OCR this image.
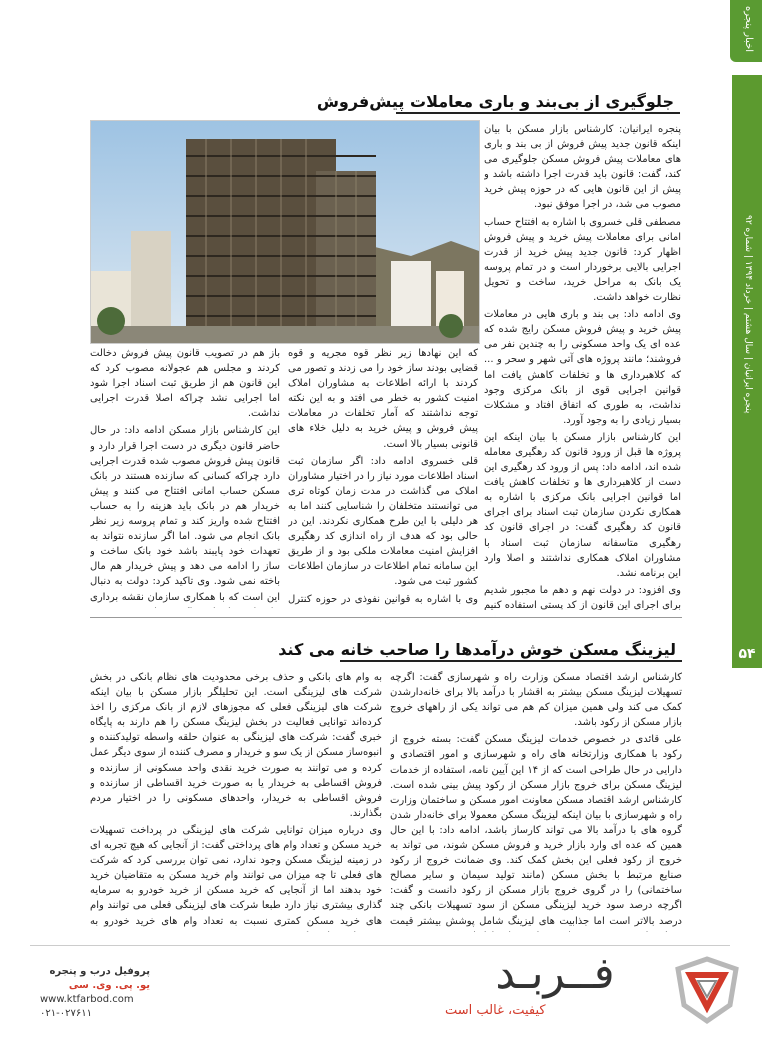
اخبار پنجره
پنجره ایرانیان | سال هشتم | خرداد ۱۳۹۴ | شماره ۹۲
۵۴
جلوگیری از بی‌بند و باری معاملات پیش‌فروش

پنجره ایرانیان: کارشناس بازار مسکن با بیان اینکه قانون جدید پیش فروش از بی بند و باری های معاملات پیش فروش مسکن جلوگیری می کند، گفت: قانون باید قدرت اجرا داشته باشد و پیش از این قانون هایی که در حوزه پیش خرید مصوب می شد، در اجرا موفق نبود.

مصطفی قلی خسروی با اشاره به افتتاح حساب امانی برای معاملات پیش خرید و پیش فروش اظهار کرد: قانون جدید پیش خرید از قدرت اجرایی بالایی برخوردار است و در تمام پروسه یک بانک به مراحل خرید، ساخت و تحویل نظارت خواهد داشت.

وی ادامه داد: بی بند و باری هایی در معاملات پیش خرید و پیش فروش مسکن رایج شده که عده ای یک واحد مسکونی را به چندین نفر می فروشند؛ مانند پروژه های آتی شهر و سحر و ... که کلاهبرداری ها و تخلفات کاهش یافت اما قوانین اجرایی قوی از بانک مرکزی وجود نداشت، به طوری که اتفاق افتاد و مشکلات بسیار زیادی را به وجود آورد.

این کارشناس بازار مسکن با بیان اینکه این پروژه ها قبل از ورود قانون کد رهگیری معامله شده اند، ادامه داد: پس از ورود کد رهگیری این دست از کلاهبرداری ها و تخلفات کاهش یافت اما قوانین اجرایی بانک مرکزی با اشاره به همکاری نکردن سازمان ثبت اسناد برای اجرای قانون کد رهگیری گفت: در اجرای قانون کد رهگیری متاسفانه سازمان ثبت اسناد با مشاوران املاک همکاری نداشتند و اصلا وارد این برنامه نشد.

وی افزود: در دولت نهم و دهم ما مجبور شدیم برای اجرای این قانون از کد پستی استفاده کنیم

که این نهادها زیر نظر قوه مجریه و قوه قضایی بودند ساز خود را می زدند و تصور می کردند با ارائه اطلاعات به مشاوران املاک امنیت کشور به خطر می افتد و به این نکته توجه نداشتند که آمار تخلفات در معاملات پیش فروش و پیش خرید به دلیل خلاء های قانونی بسیار بالا است.

قلی خسروی ادامه داد: اگر سازمان ثبت اسناد اطلاعات مورد نیاز را در اختیار مشاوران املاک می گذاشت در مدت زمان کوتاه تری می توانستند متخلفان را شناسایی کنند اما به هر دلیلی با این طرح همکاری نکردند. این در حالی بود که هدف از راه اندازی کد رهگیری افزایش امنیت معاملات ملکی بود و از طریق این سامانه تمام اطلاعات در سازمان اطلاعات کشور ثبت می شود.

وی با اشاره به قوانین نفوذی در حوزه کنترل

باز هم در تصویب قانون پیش فروش دخالت کردند و مجلس هم عجولانه مصوب کرد که این قانون هم از طریق ثبت اسناد اجرا شود اما اجرایی نشد چراکه اصلا قدرت اجرایی نداشت.

این کارشناس بازار مسکن ادامه داد: در حال حاضر قانون دیگری در دست اجرا قرار دارد و قانون پیش فروش مصوب شده قدرت اجرایی دارد چراکه کسانی که سازنده هستند در بانک مسکن حساب امانی افتتاح می کنند و پیش خریدار هم در بانک باید هزینه را به حساب افتتاح شده واریز کند و تمام پروسه زیر نظر بانک انجام می شود. اما اگر سازنده نتواند به تعهدات خود پایبند باشد خود بانک ساخت و ساز را ادامه می دهد و پیش خریدار هم مال باخته نمی شود. وی تاکید کرد: دولت به دنبال این است که با همکاری سازمان نقشه برداری

لیزینگ مسکن خوش درآمدها را صاحب خانه می کند

کارشناس ارشد اقتصاد مسکن وزارت راه و شهرسازی گفت: اگرچه تسهیلات لیزینگ مسکن بیشتر به اقشار با درآمد بالا برای خانه‌دارشدن کمک می کند ولی همین میزان کم هم می تواند یکی از راههای خروج بازار مسکن از رکود باشد.

علی قائدی در خصوص خدمات لیزینگ مسکن گفت: بسته خروج از رکود با همکاری وزارتخانه های راه و شهرسازی و امور اقتصادی و دارایی در حال طراحی است که از ۱۴ این آیین نامه، استفاده از خدمات لیزینگ مسکن برای خروج بازار مسکن از رکود پیش بینی شده است. کارشناس ارشد اقتصاد مسکن معاونت امور مسکن و ساختمان وزارت راه و شهرسازی با بیان اینکه لیزینگ مسکن معمولا برای خانه‌دار شدن گروه های با درآمد بالا می تواند کارساز باشد، ادامه داد: با این حال همین که عده ای وارد بازار خرید و فروش مسکن شوند، می تواند به خروج از رکود فعلی این بخش کمک کند. وی ضمانت خروج از رکود صنایع مرتبط با بخش مسکن (مانند تولید سیمان و سایر مصالح ساختمانی) را در گروی خروج بازار مسکن از رکود دانست و گفت: اگرچه درصد سود خرید لیزینگی مسکن از سود تسهیلات بانکی چند درصد بالاتر است اما جذابیت های لیزینگ شامل پوشش بیشتر قیمت

به وام های بانکی و حذف برخی محدودیت های نظام بانکی در بخش شرکت های لیزینگی است. این تحلیلگر بازار مسکن با بیان اینکه شرکت های لیزینگی فعلی که مجوزهای لازم از بانک مرکزی را اخذ کرده‌اند توانایی فعالیت در بخش لیزینگ مسکن را هم دارند به پایگاه خبری گفت: شرکت های لیزینگی به عنوان حلقه واسطه تولیدکننده و انبوه‌ساز مسکن از یک سو و خریدار و مصرف کننده از سوی دیگر عمل کرده و می توانند به صورت خرید نقدی واحد مسکونی از سازنده و فروش اقساطی به خریدار یا به صورت خرید اقساطی از سازنده و فروش اقساطی به خریدار، واحدهای مسکونی را در اختیار مردم بگذارند.

وی درباره میزان توانایی شرکت های لیزینگی در پرداخت تسهیلات خرید مسکن و تعداد وام های پرداختی گفت: از آنجایی که هیچ تجربه ای در زمینه لیزینگ مسکن وجود ندارد، نمی توان بررسی کرد که شرکت های فعلی تا چه میزان می توانند وام خرید مسکن به متقاضیان خرید خود بدهند اما از آنجایی که خرید مسکن از خرید خودرو به سرمایه گذاری بیشتری نیاز دارد طبعا شرکت های لیزینگی فعلی می توانند وام های خرید مسکن کمتری نسبت به تعداد وام های خرید خودرو به

فــربـد
کیفیت، غالب است
پروفیل درب و پنجره
یو. پی. وی. سی
www.ktfarbod.com
۰۲۱-۰۲۷۶۱۱
